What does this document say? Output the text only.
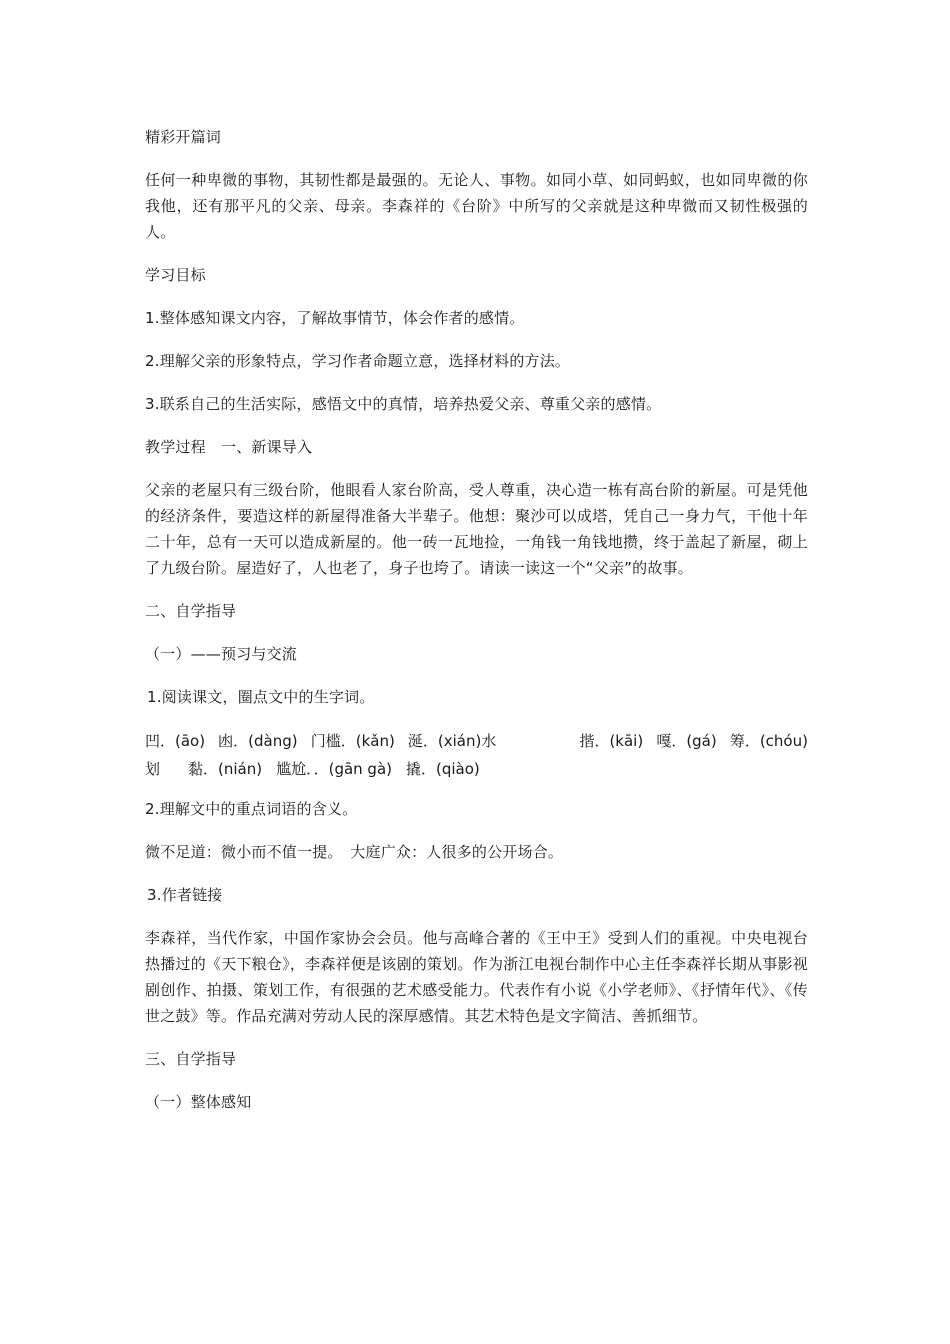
精彩开篇词

任何一种卑微的事物，其韧性都是最强的。无论人、事物。如同小草、如同蚂蚁，也如同卑微的你我他，还有那平凡的父亲、母亲。李森祥的《台阶》中所写的父亲就是这种卑微而又韧性极强的人。

学习目标

1.整体感知课文内容，了解故事情节，体会作者的感情。

2.理解父亲的形象特点，学习作者命题立意，选择材料的方法。

3.联系自己的生活实际，感悟文中的真情，培养热爱父亲、尊重父亲的感情。

教学过程　一、新课导入

父亲的老屋只有三级台阶，他眼看人家台阶高，受人尊重，决心造一栋有高台阶的新屋。可是凭他的经济条件，要造这样的新屋得准备大半辈子。他想：聚沙可以成塔，凭自己一身力气，干他十年二十年，总有一天可以造成新屋的。他一砖一瓦地捡，一角钱一角钱地攒，终于盖起了新屋，砌上了九级台阶。屋造好了，人也老了，身子也垮了。请读一读这一个“父亲”的故事。

二、自学指导

（一）——预习与交流

1.阅读课文，圈点文中的生字词。

凹．(āo) 凼．(dàng) 门槛．(kǎn) 涎．(xián)水	揩．(kāi) 嘎．(gá) 筹．(chóu)
划 黏．(nián) 尴尬．．(gān gà) 撬．(qiào)

2.理解文中的重点词语的含义。

微不足道：微小而不值一提。　大庭广众：人很多的公开场合。

3.作者链接

李森祥，当代作家，中国作家协会会员。他与高峰合著的《王中王》受到人们的重视。中央电视台热播过的《天下粮仓》，李森祥便是该剧的策划。作为浙江电视台制作中心主任李森祥长期从事影视剧创作、拍摄、策划工作，有很强的艺术感受能力。代表作有小说《小学老师》、《抒情年代》、《传世之鼓》等。作品充满对劳动人民的深厚感情。其艺术特色是文字简洁、善抓细节。

三、自学指导

（一）整体感知
